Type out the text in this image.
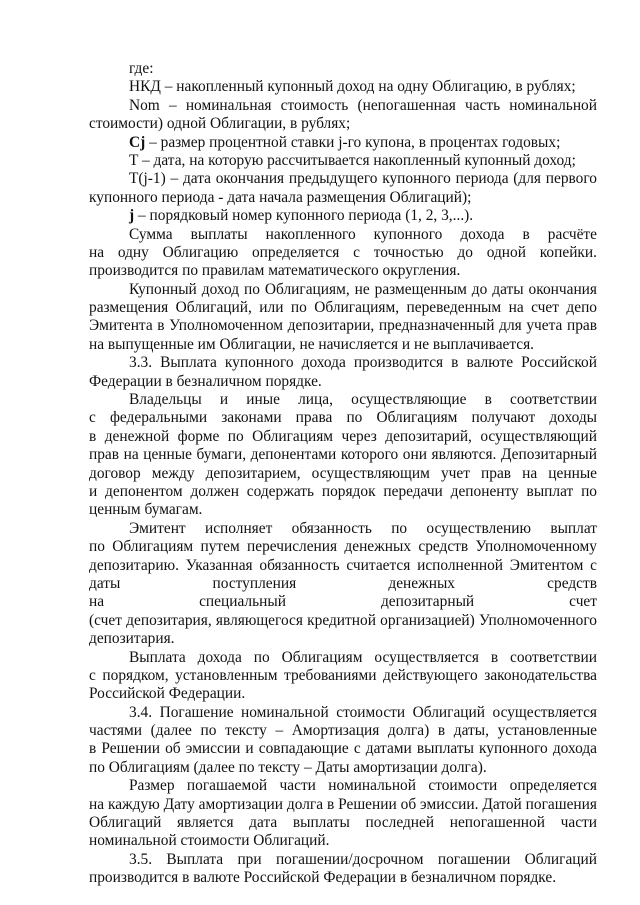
где:
НКД – накопленный купонный доход на одну Облигацию, в рублях;
Nom – номинальная стоимость (непогашенная часть номинальной
стоимости) одной Облигации, в рублях;
Cj – размер процентной ставки j-го купона, в процентах годовых;
T – дата, на которую рассчитывается накопленный купонный доход;
T(j-1) – дата окончания предыдущего купонного периода (для первого
купонного периода - дата начала размещения Облигаций);
j – порядковый номер купонного периода (1, 2, 3,...).
Сумма выплаты накопленного купонного дохода в расчёте
на одну Облигацию определяется с точностью до одной копейки.
производится по правилам математического округления.
Купонный доход по Облигациям, не размещенным до даты окончания
размещения Облигаций, или по Облигациям, переведенным на счет депо
Эмитента в Уполномоченном депозитарии, предназначенный для учета прав
на выпущенные им Облигации, не начисляется и не выплачивается.
3.3. Выплата купонного дохода производится в валюте Российской
Федерации в безналичном порядке.
Владельцы и иные лица, осуществляющие в соответствии
с федеральными законами права по Облигациям получают доходы
в денежной форме по Облигациям через депозитарий, осуществляющий
прав на ценные бумаги, депонентами которого они являются. Депозитарный
договор между депозитарием, осуществляющим учет прав на ценные
и депонентом должен содержать порядок передачи депоненту выплат по
ценным бумагам.
Эмитент исполняет обязанность по осуществлению выплат
по Облигациям путем перечисления денежных средств Уполномоченному
депозитарию. Указанная обязанность считается исполненной Эмитентом с
даты поступления денежных средств
на специальный депозитарный счет
(счет депозитария, являющегося кредитной организацией) Уполномоченного
депозитария.
Выплата дохода по Облигациям осуществляется в соответствии
с порядком, установленным требованиями действующего законодательства
Российской Федерации.
3.4. Погашение номинальной стоимости Облигаций осуществляется
частями (далее по тексту – Амортизация долга) в даты, установленные
в Решении об эмиссии и совпадающие с датами выплаты купонного дохода
по Облигациям (далее по тексту – Даты амортизации долга).
Размер погашаемой части номинальной стоимости определяется
на каждую Дату амортизации долга в Решении об эмиссии. Датой погашения
Облигаций является дата выплаты последней непогашенной части
номинальной стоимости Облигаций.
3.5. Выплата при погашении/досрочном погашении Облигаций
производится в валюте Российской Федерации в безналичном порядке.
